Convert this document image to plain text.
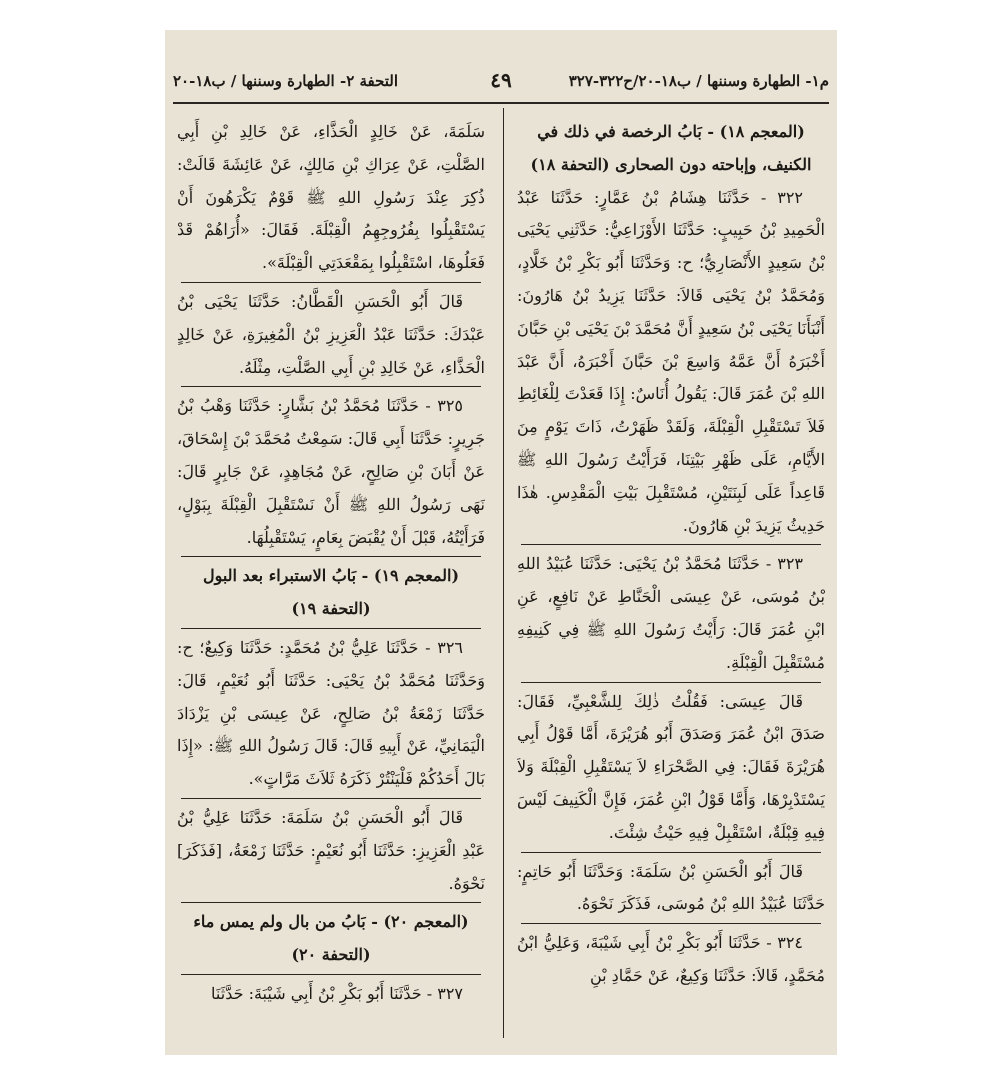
م١- الطهارة وسننها / ب١٨-٢٠/ح٣٢٢-٣٢٧
٤٩
التحفة ٢- الطهارة وسننها / ب١٨-٢٠

(المعجم ١٨) - بَابُ الرخصة في ذلك في الكنيف، وإباحته دون الصحارى (التحفة ١٨)

٣٢٢ - حَدَّثَنَا هِشَامُ بْنُ عَمَّارٍ: حَدَّثَنَا عَبْدُ الْحَمِيدِ بْنُ حَبِيبٍ: حَدَّثَنَا الأَوْزَاعِيُّ: حَدَّثَنِي يَحْيَى بْنُ سَعِيدٍ الأَنْصَارِيُّ؛ ح: وَحَدَّثَنَا أَبُو بَكْرِ بْنُ خَلَّادٍ، وَمُحَمَّدُ بْنُ يَحْيَى قَالاَ: حَدَّثَنَا يَزِيدُ بْنُ هَارُونَ: أَنْبَأَنَا يَحْيَى بْنُ سَعِيدٍ أَنَّ مُحَمَّدَ بْنَ يَحْيَى بْنِ حَبَّانَ أَخْبَرَهُ أَنَّ عَمَّهُ وَاسِعَ بْنَ حَبَّانَ أَخْبَرَهُ، أَنَّ عَبْدَ اللهِ بْنَ عُمَرَ قَالَ: يَقُولُ أُنَاسٌ: إِذَا قَعَدْتَ لِلْغَائِطِ فَلاَ تَسْتَقْبِلِ الْقِبْلَةَ، وَلَقَدْ ظَهَرْتُ، ذَاتَ يَوْمٍ مِنَ الأَيَّامِ، عَلَى ظَهْرِ بَيْتِنَا، فَرَأَيْتُ رَسُولَ اللهِ ﷺ قَاعِداً عَلَى لَبِنَتَيْنِ، مُسْتَقْبِلَ بَيْتِ الْمَقْدِسِ. هٰذَا حَدِيثُ يَزِيدَ بْنِ هَارُونَ.

٣٢٣ - حَدَّثَنَا مُحَمَّدُ بْنُ يَحْيَى: حَدَّثَنَا عُبَيْدُ اللهِ بْنُ مُوسَى، عَنْ عِيسَى الْحَنَّاطِ عَنْ نَافِعٍ، عَنِ ابْنِ عُمَرَ قَالَ: رَأَيْتُ رَسُولَ اللهِ ﷺ فِي كَنِيفِهِ مُسْتَقْبِلَ الْقِبْلَةِ.

قَالَ عِيسَى: فَقُلْتُ ذٰلِكَ لِلشَّعْبِيِّ، فَقَالَ: صَدَقَ ابْنُ عُمَرَ وَصَدَقَ أَبُو هُرَيْرَةَ، أَمَّا قَوْلُ أَبِي هُرَيْرَةَ فَقَالَ: فِي الصَّحْرَاءِ لاَ يَسْتَقْبِلِ الْقِبْلَةَ وَلاَ يَسْتَدْبِرْهَا، وَأَمَّا قَوْلُ ابْنِ عُمَرَ، فَإِنَّ الْكَنِيفَ لَيْسَ فِيهِ قِبْلَةٌ، اسْتَقْبِلْ فِيهِ حَيْثُ شِئْتَ.

قَالَ أَبُو الْحَسَنِ بْنُ سَلَمَةَ: وَحَدَّثَنَا أَبُو حَاتِمٍ: حَدَّثَنَا عُبَيْدُ اللهِ بْنُ مُوسَى، فَذَكَرَ نَحْوَهُ.

٣٢٤ - حَدَّثَنَا أَبُو بَكْرِ بْنُ أَبِي شَيْبَةَ، وَعَلِيُّ ابْنُ مُحَمَّدٍ، قَالاَ: حَدَّثَنَا وَكِيعٌ، عَنْ حَمَّادِ بْنِ

سَلَمَةَ، عَنْ خَالِدٍ الْحَذَّاءِ، عَنْ خَالِدِ بْنِ أَبِي الصَّلْتِ، عَنْ عِرَاكِ بْنِ مَالِكٍ، عَنْ عَائِشَةَ قَالَتْ: ذُكِرَ عِنْدَ رَسُولِ اللهِ ﷺ قَوْمٌ يَكْرَهُونَ أَنْ يَسْتَقْبِلُوا بِفُرُوجِهِمُ الْقِبْلَةَ. فَقَالَ: «أُرَاهُمْ قَدْ فَعَلُوهَا، اسْتَقْبِلُوا بِمَقْعَدَتِي الْقِبْلَةَ».

قَالَ أَبُو الْحَسَنِ الْقَطَّانُ: حَدَّثَنَا يَحْيَى بْنُ عَبْدَكَ: حَدَّثَنَا عَبْدُ الْعَزِيزِ بْنُ الْمُغِيرَةِ، عَنْ خَالِدٍ الْحَذَّاءِ، عَنْ خَالِدِ بْنِ أَبِي الصَّلْتِ، مِثْلَهُ.

٣٢٥ - حَدَّثَنَا مُحَمَّدُ بْنُ بَشَّارٍ: حَدَّثَنَا وَهْبُ بْنُ جَرِيرٍ: حَدَّثَنَا أَبِي قَالَ: سَمِعْتُ مُحَمَّدَ بْنَ إِسْحَاقَ، عَنْ أَبَانَ بْنِ صَالِحٍ، عَنْ مُجَاهِدٍ، عَنْ جَابِرٍ قَالَ: نَهَى رَسُولُ اللهِ ﷺ أَنْ نَسْتَقْبِلَ الْقِبْلَةَ بِبَوْلٍ، فَرَأَيْتُهُ، قَبْلَ أَنْ يُقْبَضَ بِعَامٍ، يَسْتَقْبِلُهَا.

(المعجم ١٩) - بَابُ الاستبراء بعد البول (التحفة ١٩)

٣٢٦ - حَدَّثَنَا عَلِيُّ بْنُ مُحَمَّدٍ: حَدَّثَنَا وَكِيعٌ؛ ح: وَحَدَّثَنَا مُحَمَّدُ بْنُ يَحْيَى: حَدَّثَنَا أَبُو نُعَيْمٍ، قَالَ: حَدَّثَنَا زَمْعَةُ بْنُ صَالِحٍ، عَنْ عِيسَى بْنِ يَزْدَادَ الْيَمَانِيِّ، عَنْ أَبِيهِ قَالَ: قَالَ رَسُولُ اللهِ ﷺ: «إِذَا بَالَ أَحَدُكُمْ فَلْيَنْتُرْ ذَكَرَهُ ثَلاَثَ مَرَّاتٍ».

قَالَ أَبُو الْحَسَنِ بْنُ سَلَمَةَ: حَدَّثَنَا عَلِيُّ بْنُ عَبْدِ الْعَزِيزِ: حَدَّثَنَا أَبُو نُعَيْمٍ: حَدَّثَنَا زَمْعَةُ، [فَذَكَرَ] نَحْوَهُ.

(المعجم ٢٠) - بَابُ من بال ولم يمس ماء (التحفة ٢٠)

٣٢٧ - حَدَّثَنَا أَبُو بَكْرِ بْنُ أَبِي شَيْبَةَ: حَدَّثَنَا
